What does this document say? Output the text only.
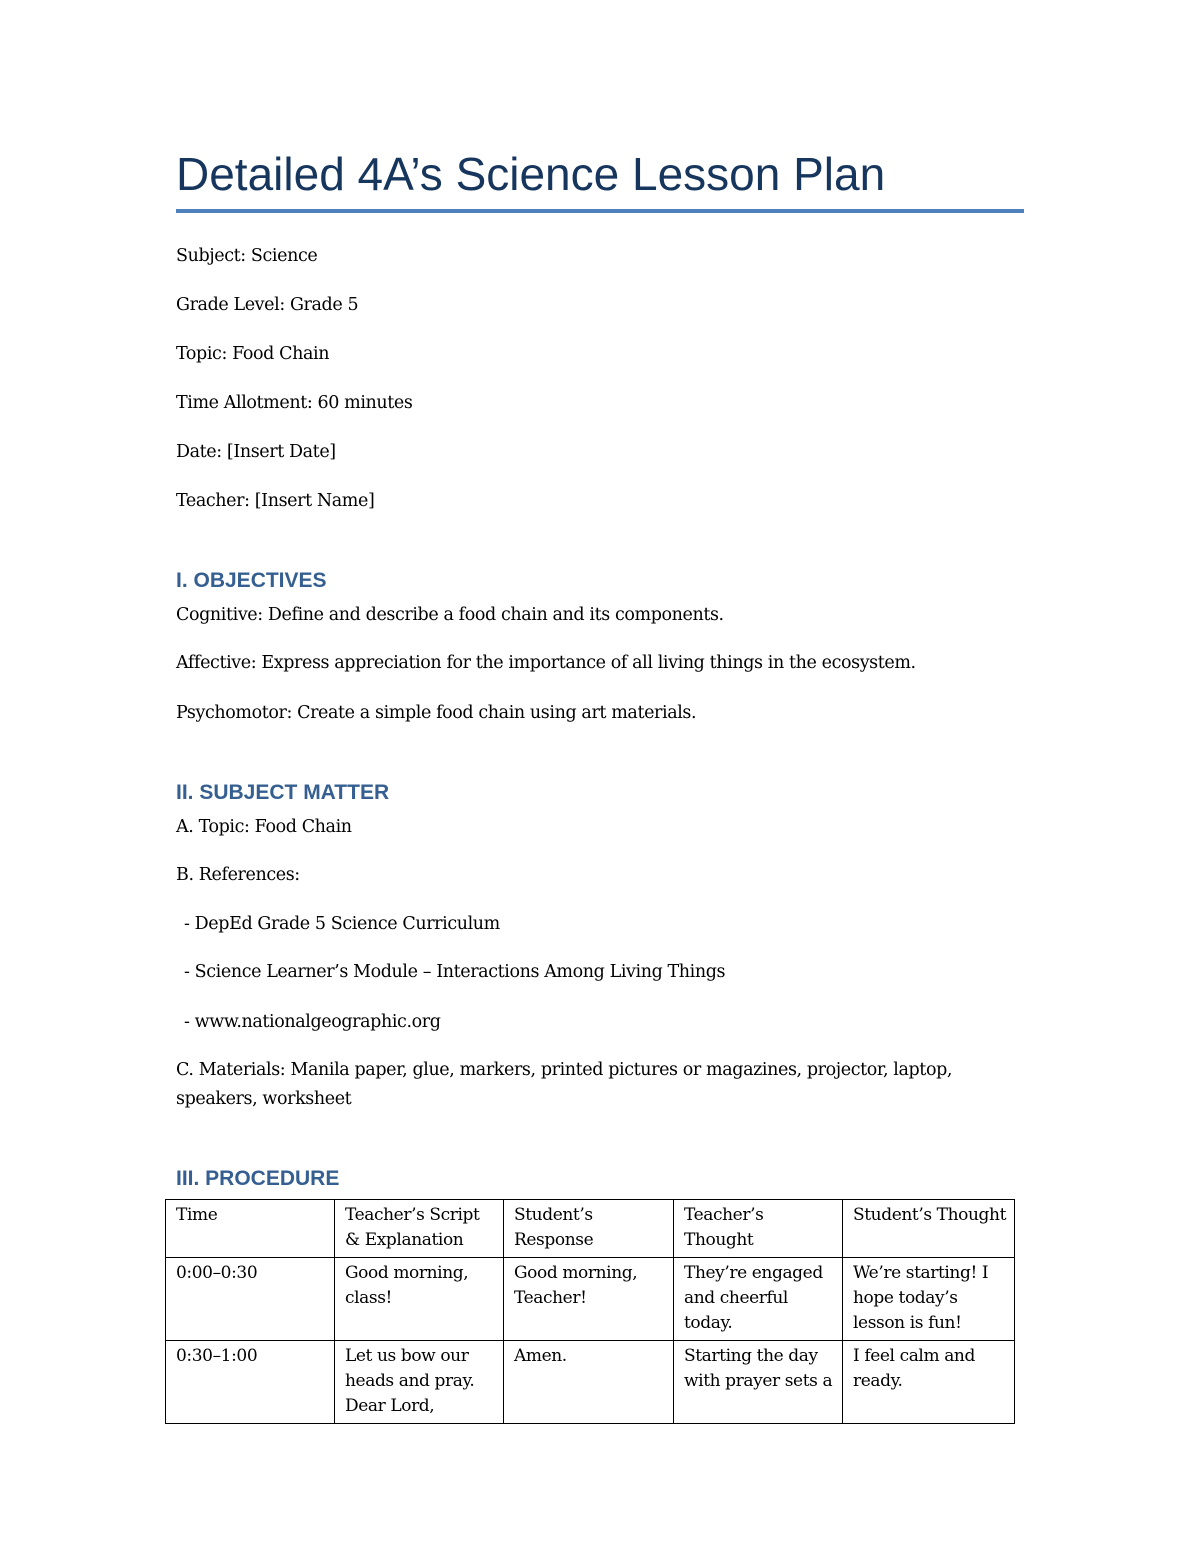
Detailed 4A’s Science Lesson Plan
Subject: Science
Grade Level: Grade 5
Topic: Food Chain
Time Allotment: 60 minutes
Date: [Insert Date]
Teacher: [Insert Name]
I. OBJECTIVES
Cognitive: Define and describe a food chain and its components.
Affective: Express appreciation for the importance of all living things in the ecosystem.
Psychomotor: Create a simple food chain using art materials.
II. SUBJECT MATTER
A. Topic: Food Chain
B. References:
- DepEd Grade 5 Science Curriculum
- Science Learner’s Module – Interactions Among Living Things
- www.nationalgeographic.org
C. Materials: Manila paper, glue, markers, printed pictures or magazines, projector, laptop, speakers, worksheet
III. PROCEDURE
Time	Teacher’s Script & Explanation	Student’s Response	Teacher’s Thought	Student’s Thought
0:00–0:30	Good morning, class!	Good morning, Teacher!	They’re engaged and cheerful today.	We’re starting! I hope today’s lesson is fun!
0:30–1:00	Let us bow our heads and pray. Dear Lord,	Amen.	Starting the day with prayer sets a	I feel calm and ready.
